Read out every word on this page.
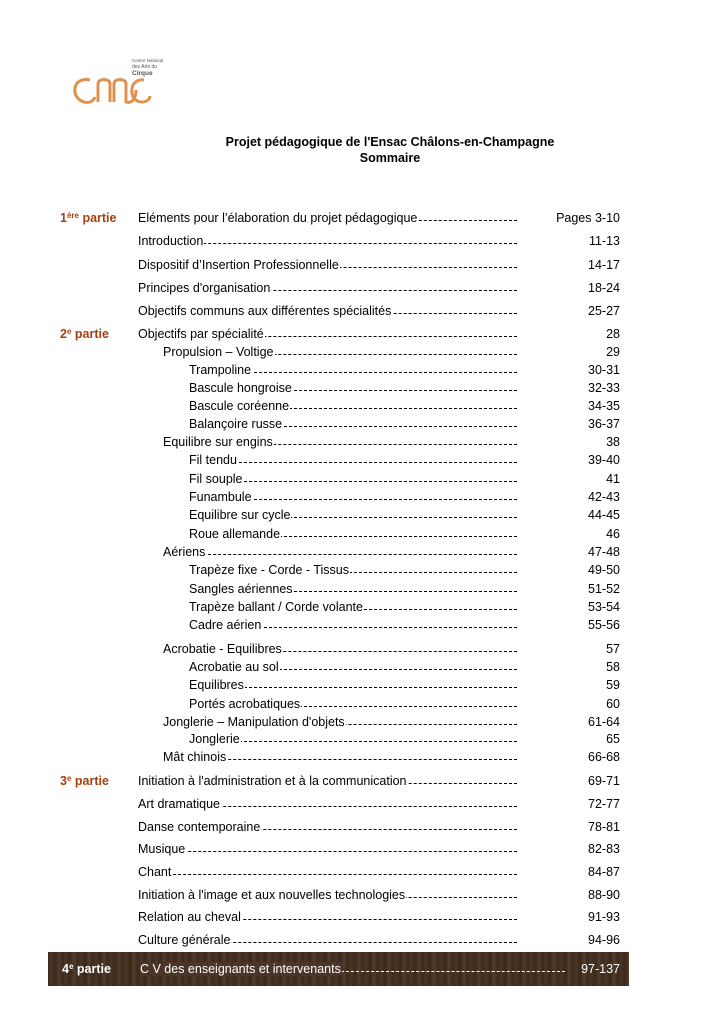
Centre National
des Arts du
Cirque
Projet pédagogique de l'Ensac Châlons-en-Champagne
Sommaire
1ère partie Eléments pour l’élaboration du projet pédagogique	Pages 3-10
Introduction	11-13
Dispositif d’Insertion Professionnelle	14-17
Principes d'organisation	18-24
Objectifs communs aux différentes spécialités	25-27
2e partie Objectifs par spécialité	28
Propulsion – Voltige	29
Trampoline	30-31
Bascule hongroise	32-33
Bascule coréenne	34-35
Balançoire russe	36-37
Equilibre sur engins	38
Fil tendu	39-40
Fil souple	41
Funambule	42-43
Equilibre sur cycle	44-45
Roue allemande	46
Aériens	47-48
Trapèze fixe - Corde - Tissus	49-50
Sangles aériennes	51-52
Trapèze ballant / Corde volante	53-54
Cadre aérien	55-56
Acrobatie - Equilibres	57
Acrobatie au sol	58
Equilibres	59
Portés acrobatiques	60
Jonglerie – Manipulation d'objets	61-64
Jonglerie	65
Mât chinois	66-68
3e partie Initiation à l'administration et à la communication	69-71
Art dramatique	72-77
Danse contemporaine	78-81
Musique	82-83
Chant	84-87
Initiation à l'image et aux nouvelles technologies	88-90
Relation au cheval	91-93
Culture générale	94-96
4e partie C V des enseignants et intervenants	97-137
